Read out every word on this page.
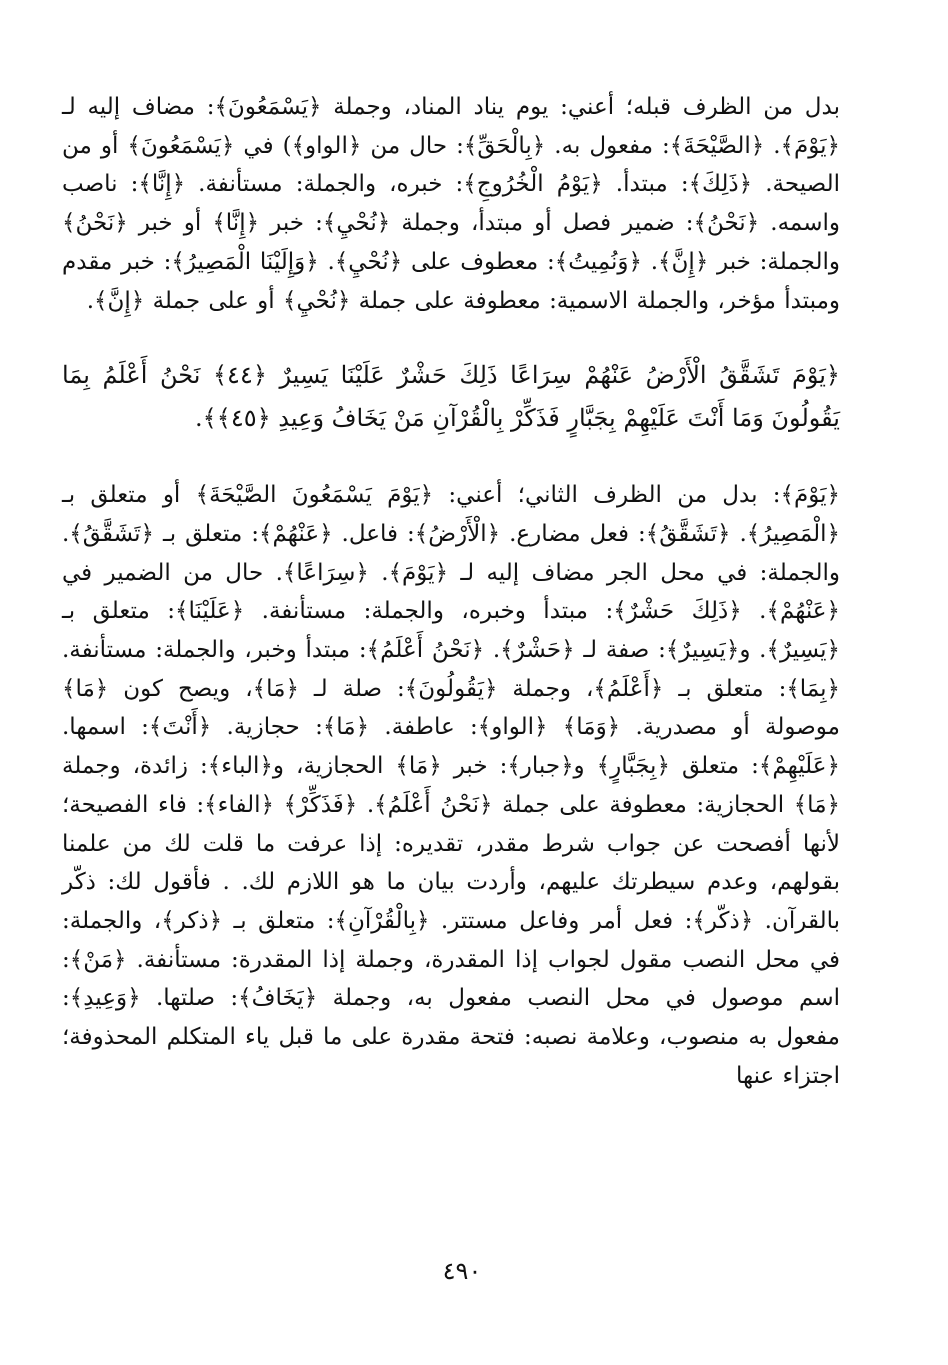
بدل من الظرف قبله؛ أعني: يوم يناد المناد، وجملة ﴿يَسْمَعُونَ﴾: مضاف إليه لـ ﴿يَوْمَ﴾. ﴿الصَّيْحَةَ﴾: مفعول به. ﴿بِالْحَقِّ﴾: حال من ﴿الواو﴾) في ﴿يَسْمَعُونَ﴾ أو من الصيحة. ﴿ذَلِكَ﴾: مبتدأ. ﴿يَوْمُ الْخُرُوجِ﴾: خبره، والجملة: مستأنفة. ﴿إِنَّا﴾: ناصب واسمه. ﴿نَحْنُ﴾: ضمير فصل أو مبتدأ، وجملة ﴿نُحْيِ﴾: خبر ﴿إِنَّا﴾ أو خبر ﴿نَحْنُ﴾ والجملة: خبر ﴿إِنَّ﴾. ﴿وَنُمِيتُ﴾: معطوف على ﴿نُحْيِ﴾. ﴿وَإِلَيْنَا الْمَصِيرُ﴾: خبر مقدم ومبتدأ مؤخر، والجملة الاسمية: معطوفة على جملة ﴿نُحْيِ﴾ أو على جملة ﴿إِنَّ﴾.

﴿يَوْمَ تَشَقَّقُ الْأَرْضُ عَنْهُمْ سِرَاعًا ذَلِكَ حَشْرٌ عَلَيْنَا يَسِيرٌ ﴿٤٤﴾ نَحْنُ أَعْلَمُ بِمَا يَقُولُونَ وَمَا أَنْتَ عَلَيْهِمْ بِجَبَّارٍ فَذَكِّرْ بِالْقُرْآنِ مَنْ يَخَافُ وَعِيدِ ﴿٤٥﴾﴾.

﴿يَوْمَ﴾: بدل من الظرف الثاني؛ أعني: ﴿يَوْمَ يَسْمَعُونَ الصَّيْحَةَ﴾ أو متعلق بـ ﴿الْمَصِيرُ﴾. ﴿تَشَقَّقُ﴾: فعل مضارع. ﴿الْأَرْضُ﴾: فاعل. ﴿عَنْهُمْ﴾: متعلق بـ ﴿تَشَقَّقُ﴾. والجملة: في محل الجر مضاف إليه لـ ﴿يَوْمَ﴾. ﴿سِرَاعًا﴾. حال من الضمير في ﴿عَنْهُمْ﴾. ﴿ذَلِكَ حَشْرٌ﴾: مبتدأ وخبره، والجملة: مستأنفة. ﴿عَلَيْنَا﴾: متعلق بـ ﴿يَسِيرٌ﴾. و﴿يَسِيرٌ﴾: صفة لـ ﴿حَشْرٌ﴾. ﴿نَحْنُ أَعْلَمُ﴾: مبتدأ وخبر، والجملة: مستأنفة. ﴿بِمَا﴾: متعلق بـ ﴿أَعْلَمُ﴾، وجملة ﴿يَقُولُونَ﴾: صلة لـ ﴿مَا﴾، ويصح كون ﴿مَا﴾ موصولة أو مصدرية. ﴿وَمَا﴾ ﴿الواو﴾: عاطفة. ﴿مَا﴾: حجازية. ﴿أَنْتَ﴾: اسمها. ﴿عَلَيْهِمْ﴾: متعلق ﴿بِجَبَّارٍ﴾ و﴿جبار﴾: خبر ﴿مَا﴾ الحجازية، و﴿الباء﴾: زائدة، وجملة ﴿مَا﴾ الحجازية: معطوفة على جملة ﴿نَحْنُ أَعْلَمُ﴾. ﴿فَذَكِّرْ﴾ ﴿الفاء﴾: فاء الفصيحة؛ لأنها أفصحت عن جواب شرط مقدر، تقديره: إذا عرفت ما قلت لك من علمنا بقولهم، وعدم سيطرتك عليهم، وأردت بيان ما هو اللازم لك. . فأقول لك: ذكّر بالقرآن. ﴿ذكّر﴾: فعل أمر وفاعل مستتر. ﴿بِالْقُرْآنِ﴾: متعلق بـ ﴿ذكر﴾، والجملة: في محل النصب مقول لجواب إذا المقدرة، وجملة إذا المقدرة: مستأنفة. ﴿مَنْ﴾: اسم موصول في محل النصب مفعول به، وجملة ﴿يَخَافُ﴾: صلتها. ﴿وَعِيدِ﴾: مفعول به منصوب، وعلامة نصبه: فتحة مقدرة على ما قبل ياء المتكلم المحذوفة؛ اجتزاء عنها

٤٩٠
